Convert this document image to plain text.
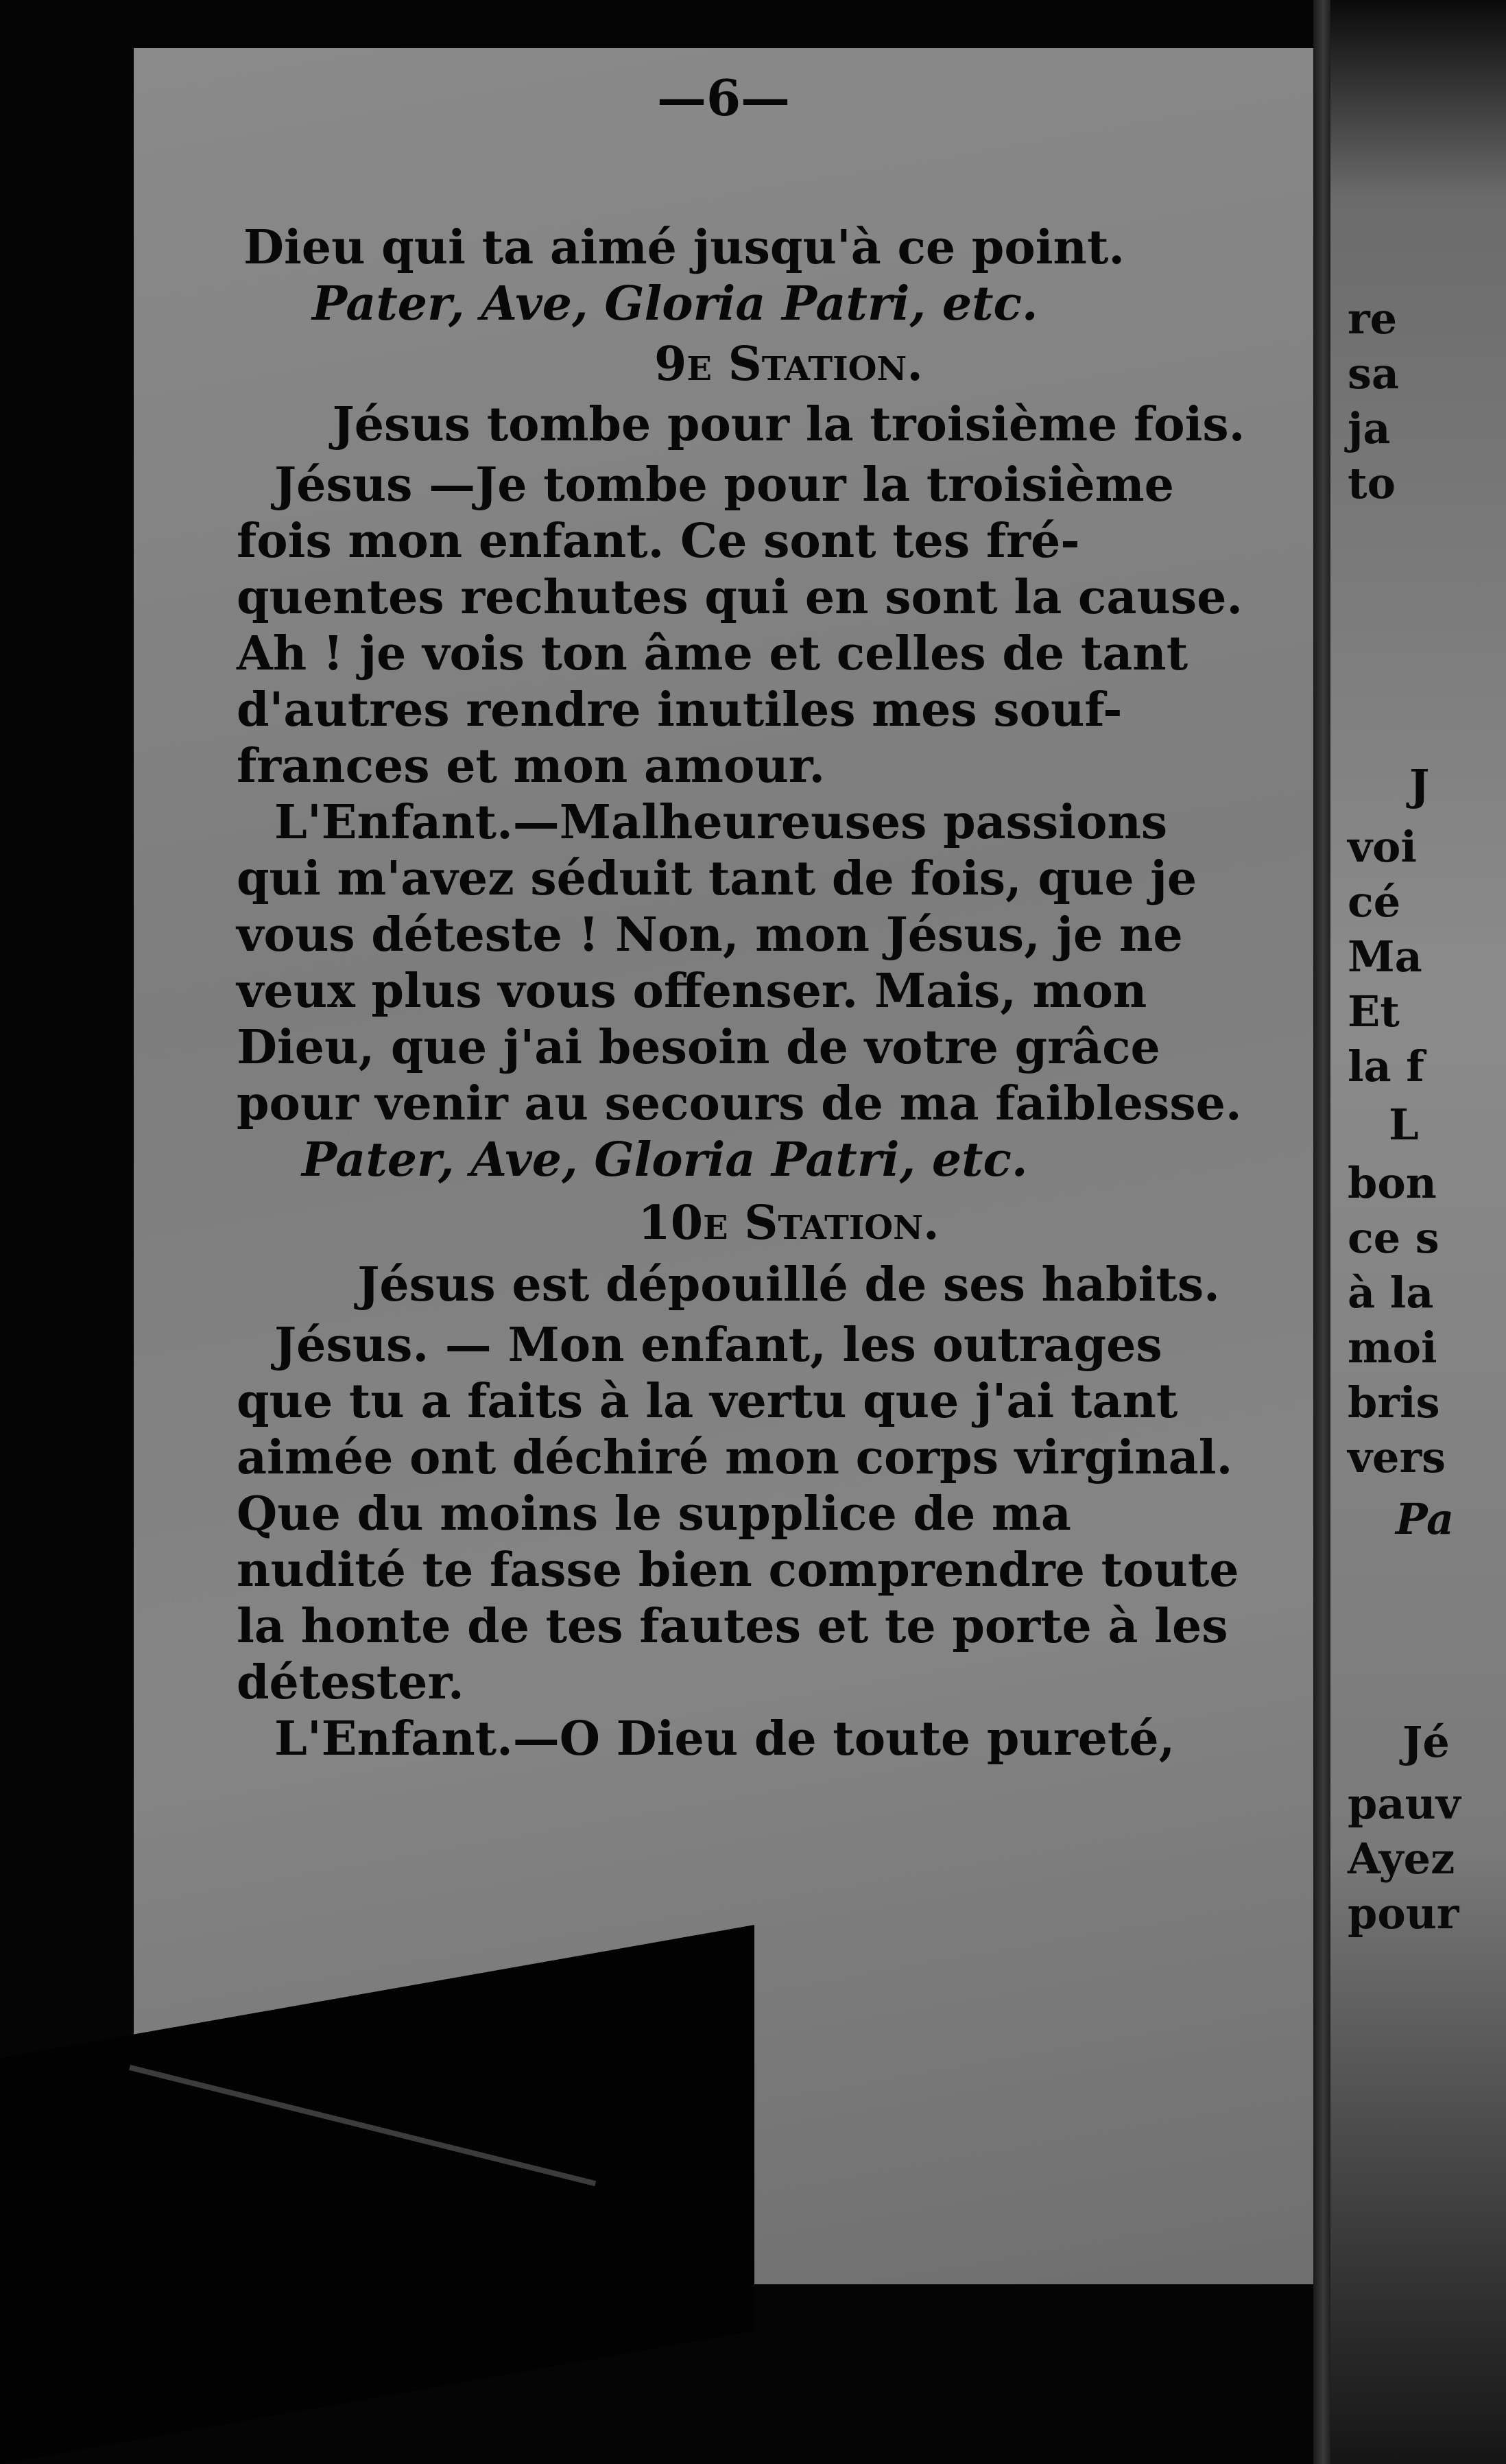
—6—
Dieu qui ta aimé jusqu'à ce point.
Pater, Ave, Gloria Patri, etc.
9e Station.
Jésus tombe pour la troisième fois.
Jésus —Je tombe pour la troisième
fois mon enfant. Ce sont tes fré-
quentes rechutes qui en sont la cause.
Ah ! je vois ton âme et celles de tant
d'autres rendre inutiles mes souf-
frances et mon amour.
L'Enfant.—Malheureuses passions
qui m'avez séduit tant de fois, que je
vous déteste ! Non, mon Jésus, je ne
veux plus vous offenser. Mais, mon
Dieu, que j'ai besoin de votre grâce
pour venir au secours de ma faiblesse.
Pater, Ave, Gloria Patri, etc.
10e Station.
Jésus est dépouillé de ses habits.
Jésus. — Mon enfant, les outrages
que tu a faits à la vertu que j'ai tant
aimée ont déchiré mon corps virginal.
Que du moins le supplice de ma
nudité te fasse bien comprendre toute
la honte de tes fautes et te porte à les
détester.
L'Enfant.—O Dieu de toute pureté,
re
sa
ja
to
J
voi
cé
Ma
Et
la f
L
bon
ce s
à la
moi
bris
vers
Pa
Jé
pauv
Ayez
pour
